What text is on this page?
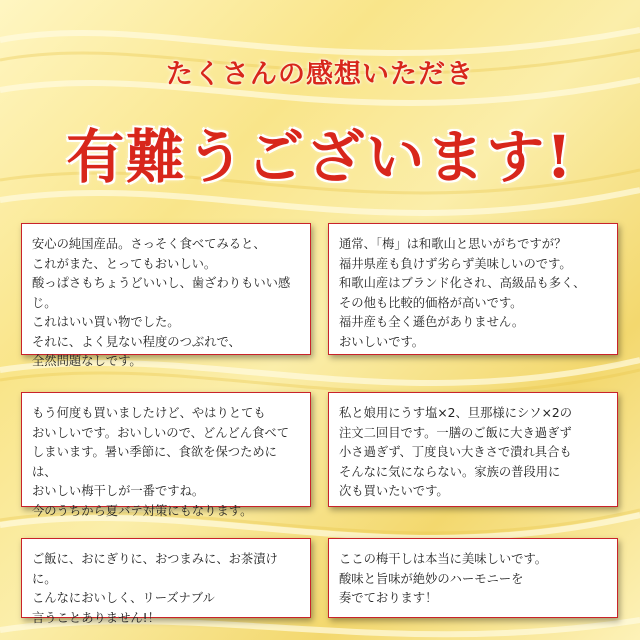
たくさんの感想いただき
有難うございます!

安心の純国産品。さっそく食べてみると、
これがまた、とってもおいしい。
酸っぱさもちょうどいいし、歯ざわりもいい感じ。
これはいい買い物でした。
それに、よく見ない程度のつぶれで、
全然問題なしです。

通常、「梅」は和歌山と思いがちですが？
福井県産も負けず劣らず美味しいのです。
和歌山産はブランド化され、高級品も多く、
その他も比較的価格が高いです。
福井産も全く遜色がありません。
おいしいです。

もう何度も買いましたけど、やはりとても
おいしいです。おいしいので、どんどん食べて
しまいます。暑い季節に、食欲を保つためには、
おいしい梅干しが一番ですね。
今のうちから夏バテ対策にもなります。

私と娘用にうす塩×2、旦那様にシソ×2の
注文二回目です。一膳のご飯に大き過ぎず
小さ過ぎず、丁度良い大きさで潰れ具合も
そんなに気にならない。家族の普段用に
次も買いたいです。

ご飯に、おにぎりに、おつまみに、お茶漬けに。
こんなにおいしく、リーズナブル
言うことありません!！

ここの梅干しは本当に美味しいです。
酸味と旨味が絶妙のハーモニーを
奏でております！
